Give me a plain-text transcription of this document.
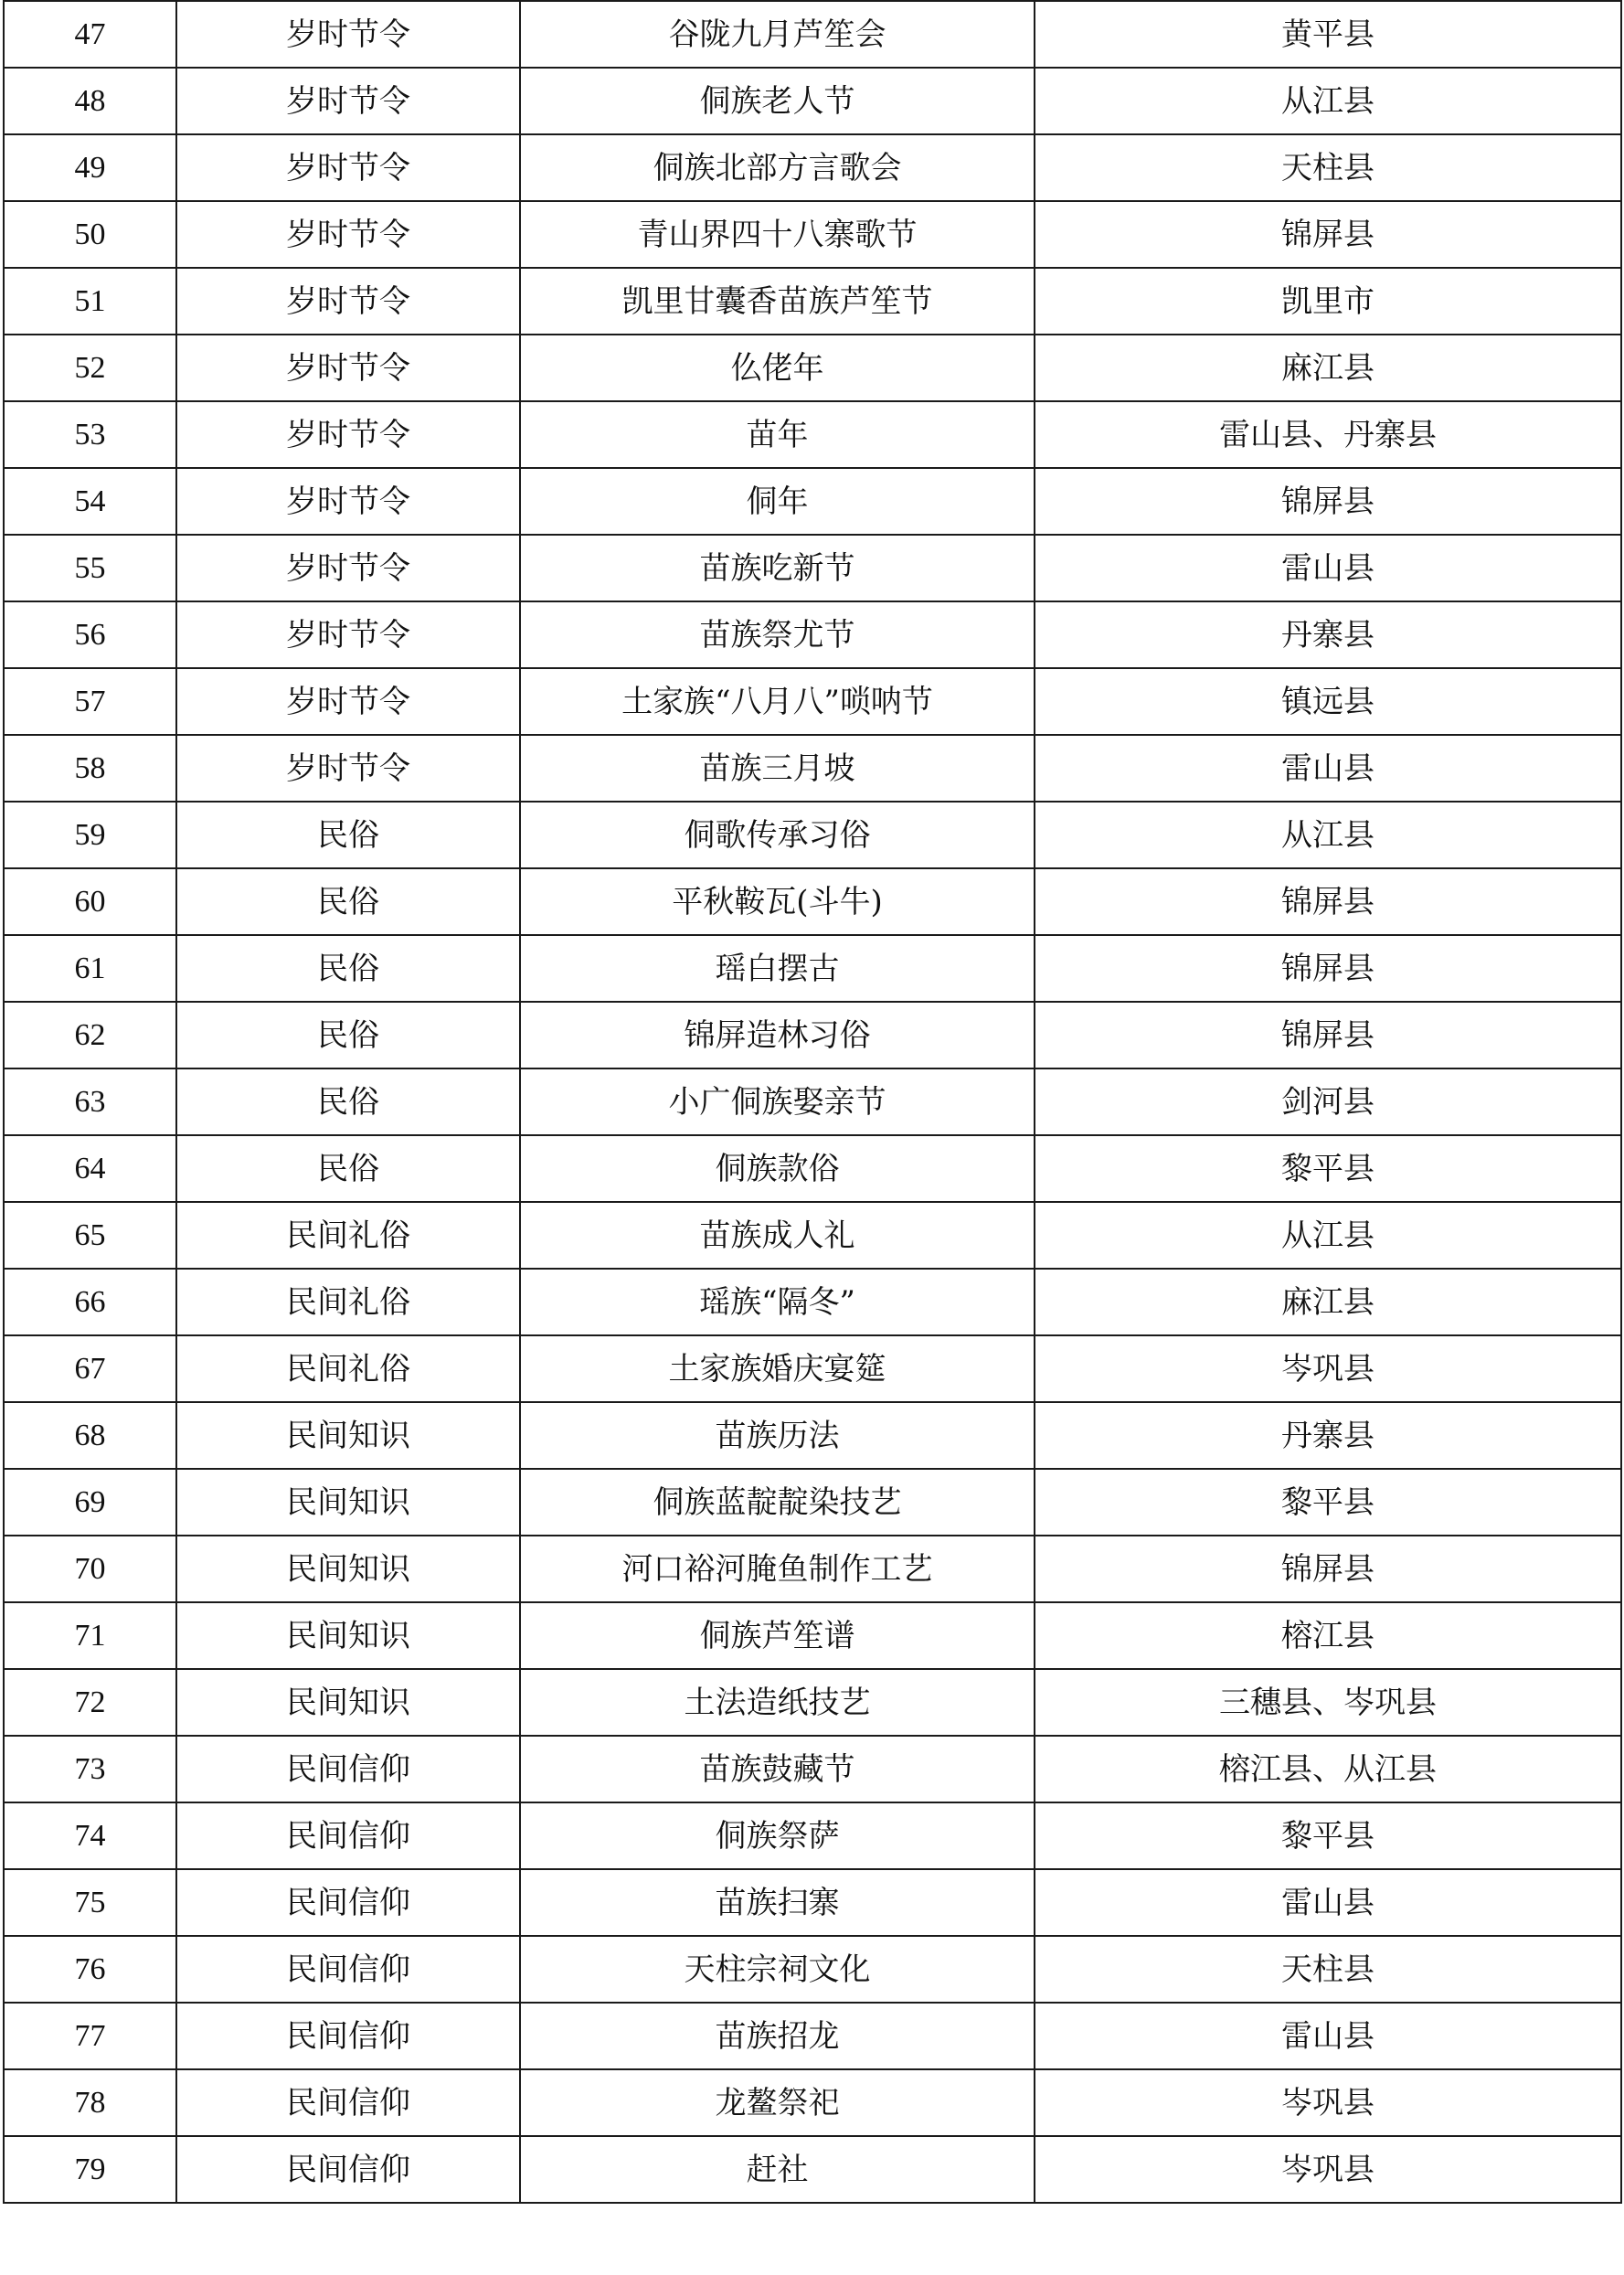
47	岁时节令	谷陇九月芦笙会	黄平县
48	岁时节令	侗族老人节	从江县
49	岁时节令	侗族北部方言歌会	天柱县
50	岁时节令	青山界四十八寨歌节	锦屏县
51	岁时节令	凯里甘囊香苗族芦笙节	凯里市
52	岁时节令	仫佬年	麻江县
53	岁时节令	苗年	雷山县、丹寨县
54	岁时节令	侗年	锦屏县
55	岁时节令	苗族吃新节	雷山县
56	岁时节令	苗族祭尤节	丹寨县
57	岁时节令	土家族“八月八”唢呐节	镇远县
58	岁时节令	苗族三月坡	雷山县
59	民俗	侗歌传承习俗	从江县
60	民俗	平秋鞍瓦(斗牛)	锦屏县
61	民俗	瑶白摆古	锦屏县
62	民俗	锦屏造林习俗	锦屏县
63	民俗	小广侗族娶亲节	剑河县
64	民俗	侗族款俗	黎平县
65	民间礼俗	苗族成人礼	从江县
66	民间礼俗	瑶族“隔冬”	麻江县
67	民间礼俗	土家族婚庆宴筵	岑巩县
68	民间知识	苗族历法	丹寨县
69	民间知识	侗族蓝靛靛染技艺	黎平县
70	民间知识	河口裕河腌鱼制作工艺	锦屏县
71	民间知识	侗族芦笙谱	榕江县
72	民间知识	土法造纸技艺	三穗县、岑巩县
73	民间信仰	苗族鼓藏节	榕江县、从江县
74	民间信仰	侗族祭萨	黎平县
75	民间信仰	苗族扫寨	雷山县
76	民间信仰	天柱宗祠文化	天柱县
77	民间信仰	苗族招龙	雷山县
78	民间信仰	龙鳌祭祀	岑巩县
79	民间信仰	赶社	岑巩县
